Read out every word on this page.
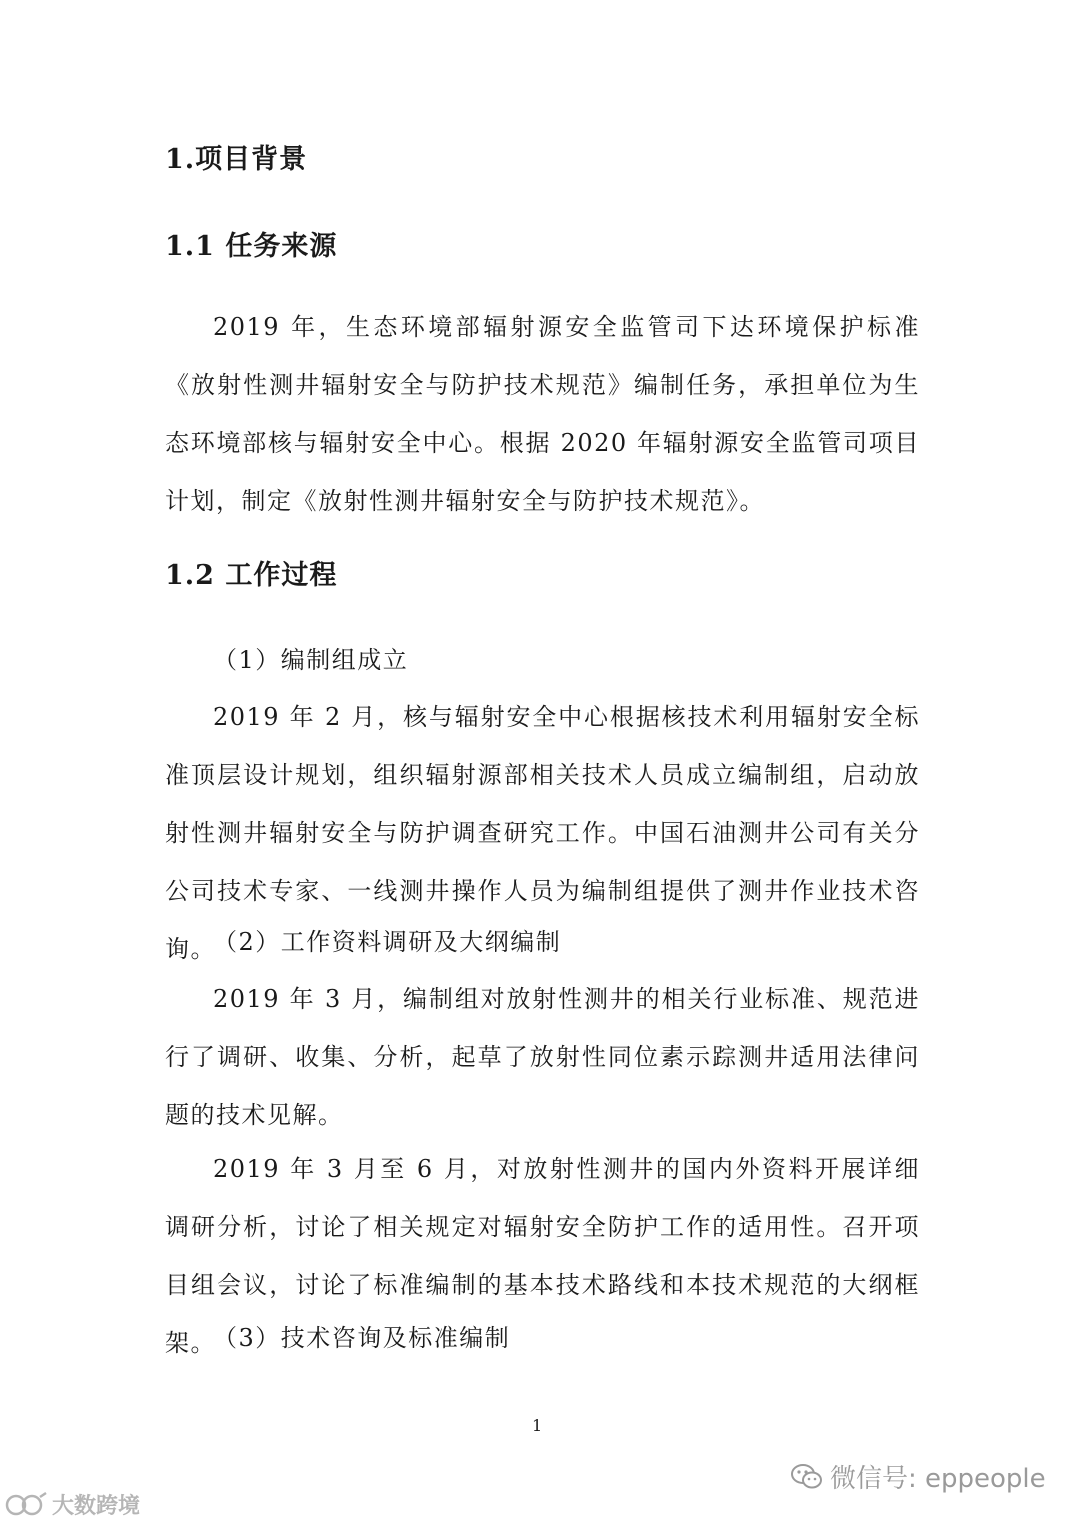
1.项目背景
1.1 任务来源

2019 年，生态环境部辐射源安全监管司下达环境保护标准《放射性测井辐射安全与防护技术规范》编制任务，承担单位为生态环境部核与辐射安全中心。根据 2020 年辐射源安全监管司项目计划，制定《放射性测井辐射安全与防护技术规范》。

1.2 工作过程

（1）编制组成立

2019 年 2 月，核与辐射安全中心根据核技术利用辐射安全标准顶层设计规划，组织辐射源部相关技术人员成立编制组，启动放射性测井辐射安全与防护调查研究工作。中国石油测井公司有关分公司技术专家、一线测井操作人员为编制组提供了测井作业技术咨询。

（2）工作资料调研及大纲编制

2019 年 3 月，编制组对放射性测井的相关行业标准、规范进行了调研、收集、分析，起草了放射性同位素示踪测井适用法律问题的技术见解。

2019 年 3 月至 6 月，对放射性测井的国内外资料开展详细调研分析，讨论了相关规定对辐射安全防护工作的适用性。召开项目组会议，讨论了标准编制的基本技术路线和本技术规范的大纲框架。

（3）技术咨询及标准编制

1
微信号: eppeople
大数跨境
